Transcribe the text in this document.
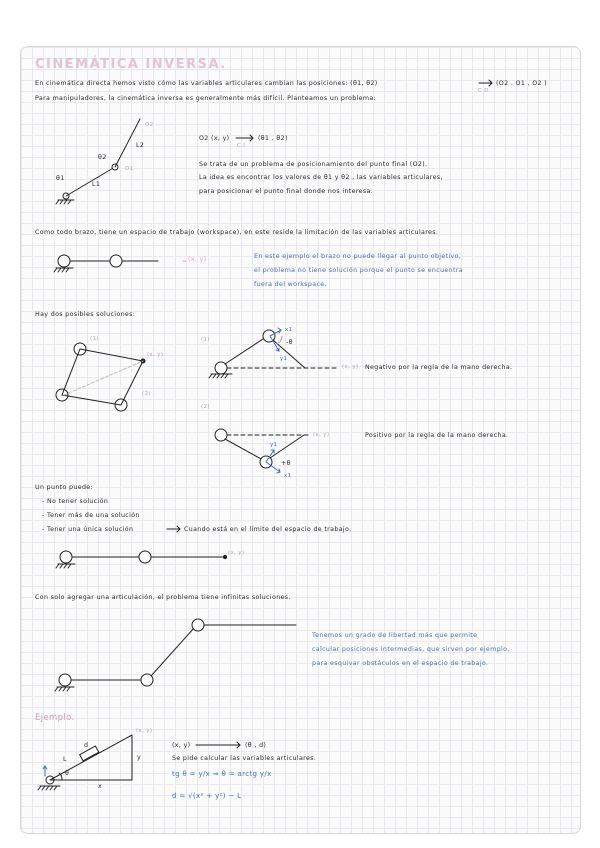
CINEMÁTICA INVERSA.
En cinemática directa hemos visto cómo las variables articulares cambian las posiciones: (θ1, θ2)	(O2 . O1 , O2 )
C.D
Para manipuladores, la cinemática inversa es generalmente más difícil. Planteamos un problema:
O2
L2
θ2
O1
L1
θ1
O2 (x, y)	(θ1 , θ2)
C.I
Se trata de un problema de posicionamiento del punto final (O2).
La idea es encontrar los valores de θ1 y θ2 , las variables articulares,
para posicionar el punto final donde nos interesa.
Como todo brazo, tiene un espacio de trabajo (workspace), en este reside la limitación de las variables articulares.
(x, y)	En este ejemplo el brazo no puede llegar al punto objetivo,
el problema no tiene solución porque el punto se encuentra
fuera del workspace.
Hay dos posibles soluciones:
(1)
(2)
(x, y)
(1)
x1
-θ
y1
(x, y) Negativo por la regla de la mano derecha.
(2)
(x, y)	Positivo por la regla de la mano derecha.
y1
+θ
x1
Un punto puede:
- No tener solución
- Tener más de una solución
- Tener una única solución	Cuando está en el límite del espacio de trabajo.
(x, y)
Con solo agregar una articulación, el problema tiene infinitas soluciones.
Tenemos un grado de libertad más que permite
calcular posiciones intermedias, que sirven por ejemplo,
para esquivar obstáculos en el espacio de trabajo.
Ejemplo.
d
L
θ
y
x
(x, y)
(x, y)	(θ , d)
Se pide calcular las variables articulares.
tg θ = y/x ⇒ θ = arctg y/x
d = √(x² + y²) − L
